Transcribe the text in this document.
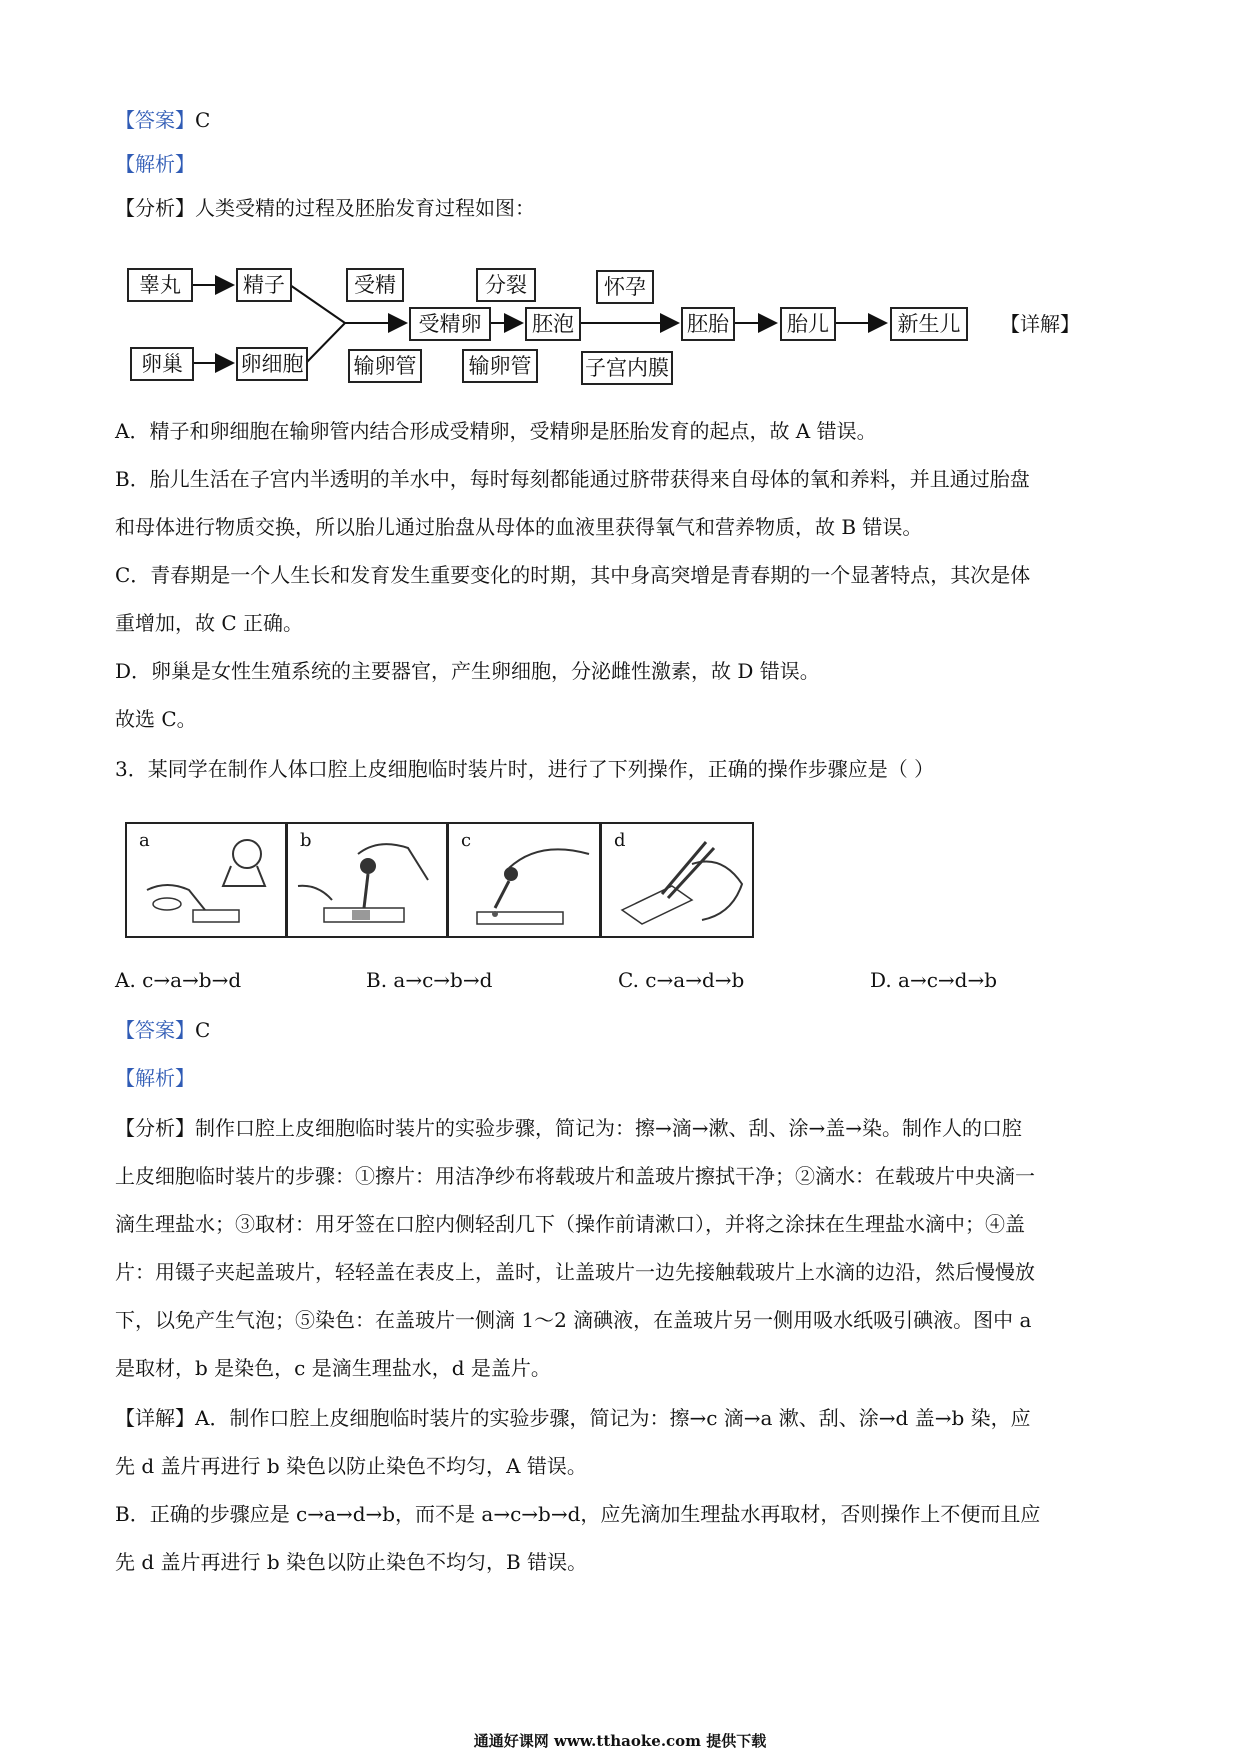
【答案】C
【解析】
【分析】人类受精的过程及胚胎发育过程如图：
睾丸	精子
卵巢	卵细胞
受精
输卵管
受精卵
分裂
输卵管
胚泡
怀孕
子宫内膜
胚胎	胎儿	新生儿	【详解】
A．精子和卵细胞在输卵管内结合形成受精卵，受精卵是胚胎发育的起点，故 A 错误。
B．胎儿生活在子宫内半透明的羊水中，每时每刻都能通过脐带获得来自母体的氧和养料，并且通过胎盘
和母体进行物质交换，所以胎儿通过胎盘从母体的血液里获得氧气和营养物质，故 B 错误。
C．青春期是一个人生长和发育发生重要变化的时期，其中身高突增是青春期的一个显著特点，其次是体
重增加，故 C 正确。
D．卵巢是女性生殖系统的主要器官，产生卵细胞，分泌雌性激素，故 D 错误。
故选 C。
3．某同学在制作人体口腔上皮细胞临时装片时，进行了下列操作，正确的操作步骤应是（ ）
a	b	c	d
A. c→a→b→d	B. a→c→b→d	C. c→a→d→b	D. a→c→d→b
【答案】C
【解析】
【分析】制作口腔上皮细胞临时装片的实验步骤，简记为：擦→滴→漱、刮、涂→盖→染。制作人的口腔
上皮细胞临时装片的步骤：①擦片：用洁净纱布将载玻片和盖玻片擦拭干净；②滴水：在载玻片中央滴一
滴生理盐水；③取材：用牙签在口腔内侧轻刮几下（操作前请漱口），并将之涂抹在生理盐水滴中；④盖
片：用镊子夹起盖玻片，轻轻盖在表皮上，盖时，让盖玻片一边先接触载玻片上水滴的边沿，然后慢慢放
下，以免产生气泡；⑤染色：在盖玻片一侧滴 1～2 滴碘液，在盖玻片另一侧用吸水纸吸引碘液。图中 a
是取材，b 是染色，c 是滴生理盐水，d 是盖片。
【详解】A．制作口腔上皮细胞临时装片的实验步骤，简记为：擦→c 滴→a 漱、刮、涂→d 盖→b 染，应
先 d 盖片再进行 b 染色以防止染色不均匀，A 错误。
B．正确的步骤应是 c→a→d→b，而不是 a→c→b→d，应先滴加生理盐水再取材，否则操作上不便而且应
先 d 盖片再进行 b 染色以防止染色不均匀，B 错误。
通通好课网 www.tthaoke.com 提供下载
